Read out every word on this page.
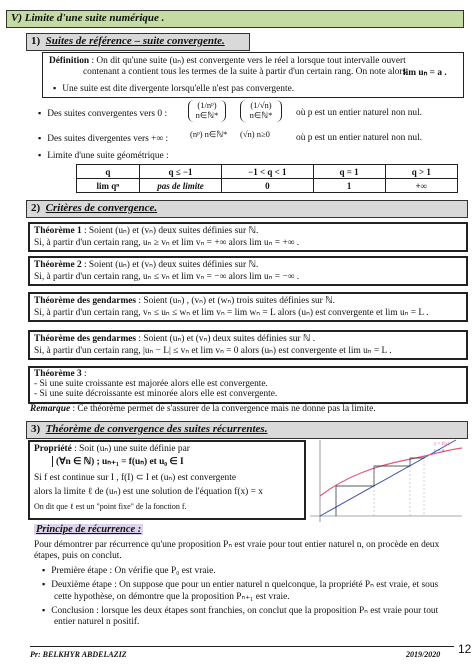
V) Limite d'une suite numérique .
1) Suites de référence – suite convergente.
Définition : On dit qu'une suite (uₙ) est convergente vers le réel a lorsque tout intervalle ouvert
contenant a contient tous les termes de la suite à partir d'un certain rang. On note alors
lim uₙ = a .
▪ Une suite est dite divergente lorsqu'elle n'est pas convergente.
▪ Des suites convergentes vers 0 :
(1/nᵖ) n∈ℕ*
(1/√n) n∈ℕ*	où p est un entier naturel non nul.
▪ Des suites divergentes vers +∞ :	(nᵖ) n∈ℕ* (√n) n≥0	où p est un entier naturel non nul.
▪ Limite d'une suite géométrique :
q	q ≤ −1	−1 < q < 1	q = 1	q > 1
lim qⁿ	pas de limite	0	1	+∞
2) Critères de convergence.
Théorème 1 : Soient (uₙ) et (vₙ) deux suites définies sur ℕ.
Si, à partir d'un certain rang, uₙ ≥ vₙ et lim vₙ = +∞ alors lim uₙ = +∞ .
Théorème 2 : Soient (uₙ) et (vₙ) deux suites définies sur ℕ.
Si, à partir d'un certain rang, uₙ ≤ vₙ et lim vₙ = −∞ alors lim uₙ = −∞ .
Théorème des gendarmes : Soient (uₙ) , (vₙ) et (wₙ) trois suites définies sur ℕ.
Si, à partir d'un certain rang, vₙ ≤ uₙ ≤ wₙ et lim vₙ = lim wₙ = L alors (uₙ) est convergente et lim uₙ = L .
Théorème des gendarmes : Soient (uₙ) et (vₙ) deux suites définies sur ℕ .
Si, à partir d'un certain rang, |uₙ − L| ≤ vₙ et lim vₙ = 0 alors (uₙ) est convergente et lim uₙ = L .
Théorème 3 :
- Si une suite croissante est majorée alors elle est convergente.
- Si une suite décroissante est minorée alors elle est convergente.
Remarque : Ce théorème permet de s'assurer de la convergence mais ne donne pas la limite.
3) Théorème de convergence des suites récurrentes.
Propriété : Soit (uₙ) une suite définie par
(∀n ∈ ℕ) ; uₙ₊₁ = f(uₙ) et u₀ ∈ I
Si f est continue sur I , f(I) ⊂ I et (uₙ) est convergente
alors la limite ℓ de (uₙ) est une solution de l'équation f(x) = x
On dit que ℓ est un "point fixe" de la fonction f.
y = f(x)
y = x
Principe de récurrence :
Pour démontrer par récurrence qu'une proposition Pₙ est vraie pour tout entier naturel n, on procède en deux
étapes, puis on conclut.
▪ Première étape : On vérifie que P₀ est vraie.
▪ Deuxième étape : On suppose que pour un entier naturel n quelconque, la propriété Pₙ est vraie, et sous
cette hypothèse, on démontre que la proposition Pₙ₊₁ est vraie.
▪ Conclusion : lorsque les deux étapes sont franchies, on conclut que la proposition Pₙ est vraie pour tout
entier naturel n positif.
Pr: BELKHYR ABDELAZIZ	2019/2020 12
